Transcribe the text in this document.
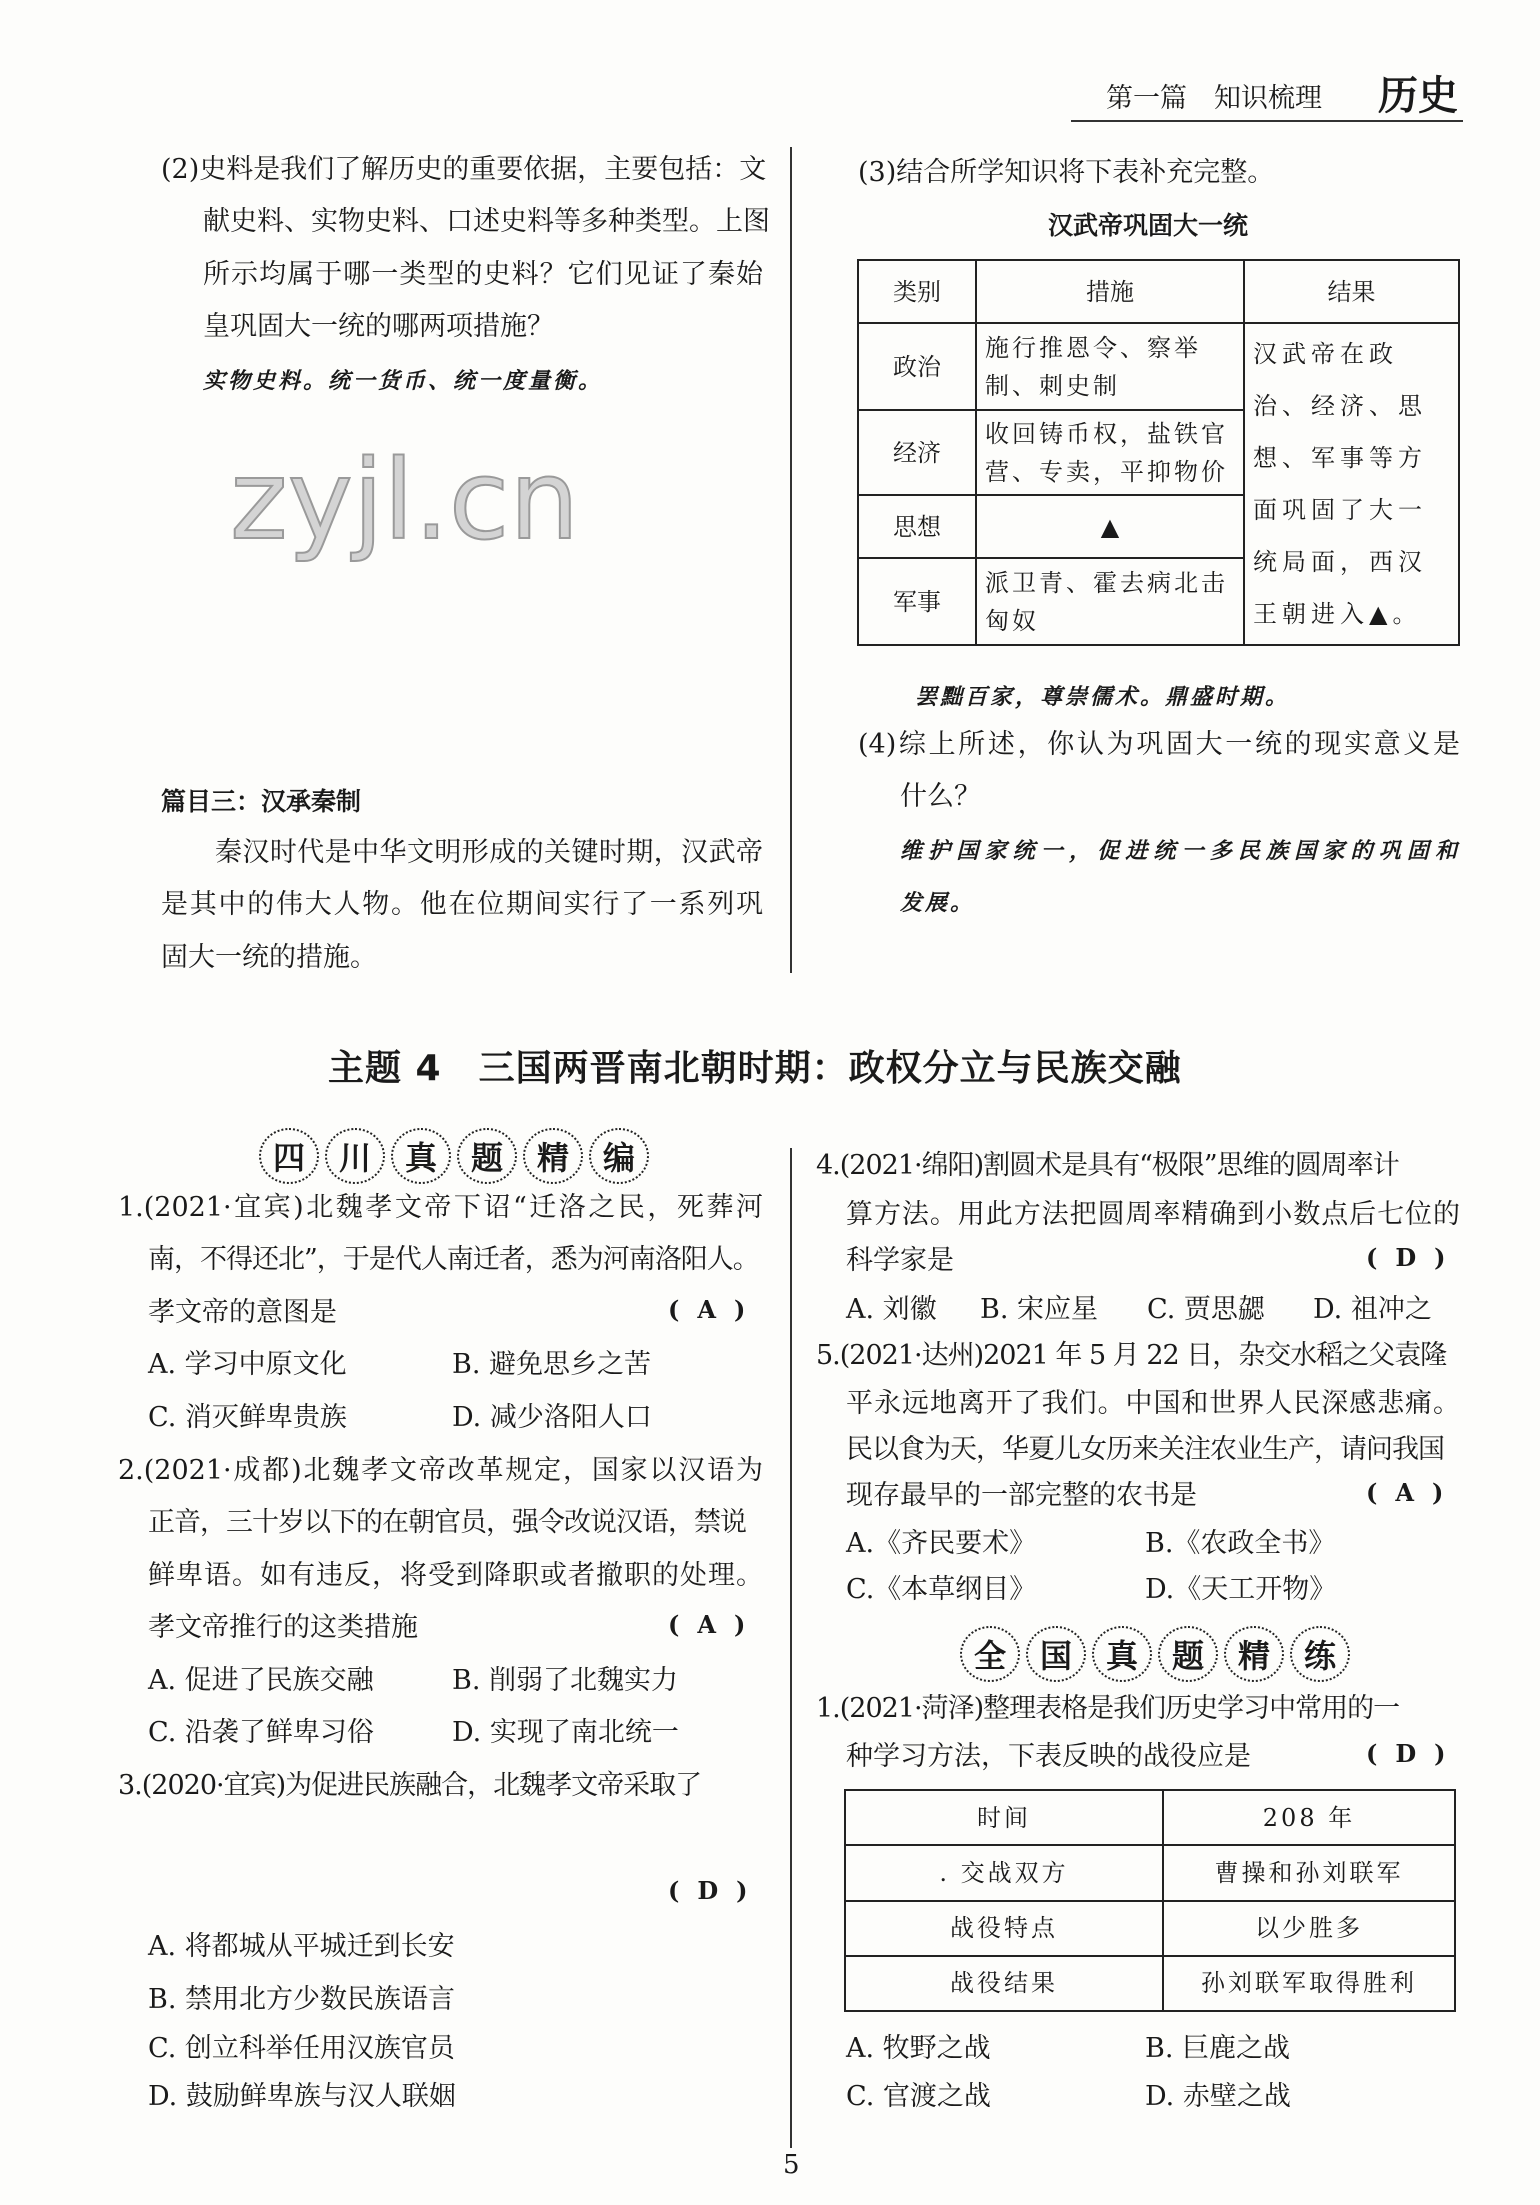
第一篇　知识梳理 历史
zyjl.cn
(2)史料是我们了解历史的重要依据，主要包括：文
献史料、实物史料、口述史料等多种类型。上图
所示均属于哪一类型的史料？它们见证了秦始
皇巩固大一统的哪两项措施？
实物史料。统一货币、统一度量衡。
篇目三：汉承秦制
秦汉时代是中华文明形成的关键时期，汉武帝
是其中的伟大人物。他在位期间实行了一系列巩
固大一统的措施。
(3)结合所学知识将下表补充完整。
汉武帝巩固大一统
类别	措施	结果
政治	施行推恩令、察举制、刺史制	汉武帝在政治、经济、思想、军事等方面巩固了大一统局面，西汉王朝进入▲。
经济	收回铸币权，盐铁官营、专卖，平抑物价	
思想	▲	
军事	派卫青、霍去病北击匈奴	
罢黜百家，尊崇儒术。鼎盛时期。
(4)综上所述，你认为巩固大一统的现实意义是
什么？
维护国家统一，促进统一多民族国家的巩固和
发展。
主题 4　三国两晋南北朝时期：政权分立与民族交融
四	川	真	题	精	编
1.(2021·宜宾)北魏孝文帝下诏“迁洛之民，死葬河
南，不得还北”，于是代人南迁者，悉为河南洛阳人。
孝文帝的意图是	(A)
A. 学习中原文化	B. 避免思乡之苦
C. 消灭鲜卑贵族	D. 减少洛阳人口
2.(2021·成都)北魏孝文帝改革规定，国家以汉语为
正音，三十岁以下的在朝官员，强令改说汉语，禁说
鲜卑语。如有违反，将受到降职或者撤职的处理。
孝文帝推行的这类措施	(A)
A. 促进了民族交融	B. 削弱了北魏实力
C. 沿袭了鲜卑习俗	D. 实现了南北统一
3.(2020·宜宾)为促进民族融合，北魏孝文帝采取了
(D)
A. 将都城从平城迁到长安
B. 禁用北方少数民族语言
C. 创立科举任用汉族官员
D. 鼓励鲜卑族与汉人联姻
4.(2021·绵阳)割圆术是具有“极限”思维的圆周率计
算方法。用此方法把圆周率精确到小数点后七位的
科学家是	(D)
A. 刘徽 B. 宋应星 C. 贾思勰 D. 祖冲之
5.(2021·达州)2021 年 5 月 22 日，杂交水稻之父袁隆
平永远地离开了我们。中国和世界人民深感悲痛。
民以食为天，华夏儿女历来关注农业生产，请问我国
现存最早的一部完整的农书是	(A)
A.《齐民要术》	B.《农政全书》
C.《本草纲目》	D.《天工开物》
全	国	真	题	精	练
1.(2021·菏泽)整理表格是我们历史学习中常用的一
种学习方法，下表反映的战役应是	(D)
时间	208 年
. 交战双方	曹操和孙刘联军
战役特点	以少胜多
战役结果	孙刘联军取得胜利
A. 牧野之战	B. 巨鹿之战
C. 官渡之战	D. 赤壁之战
5
